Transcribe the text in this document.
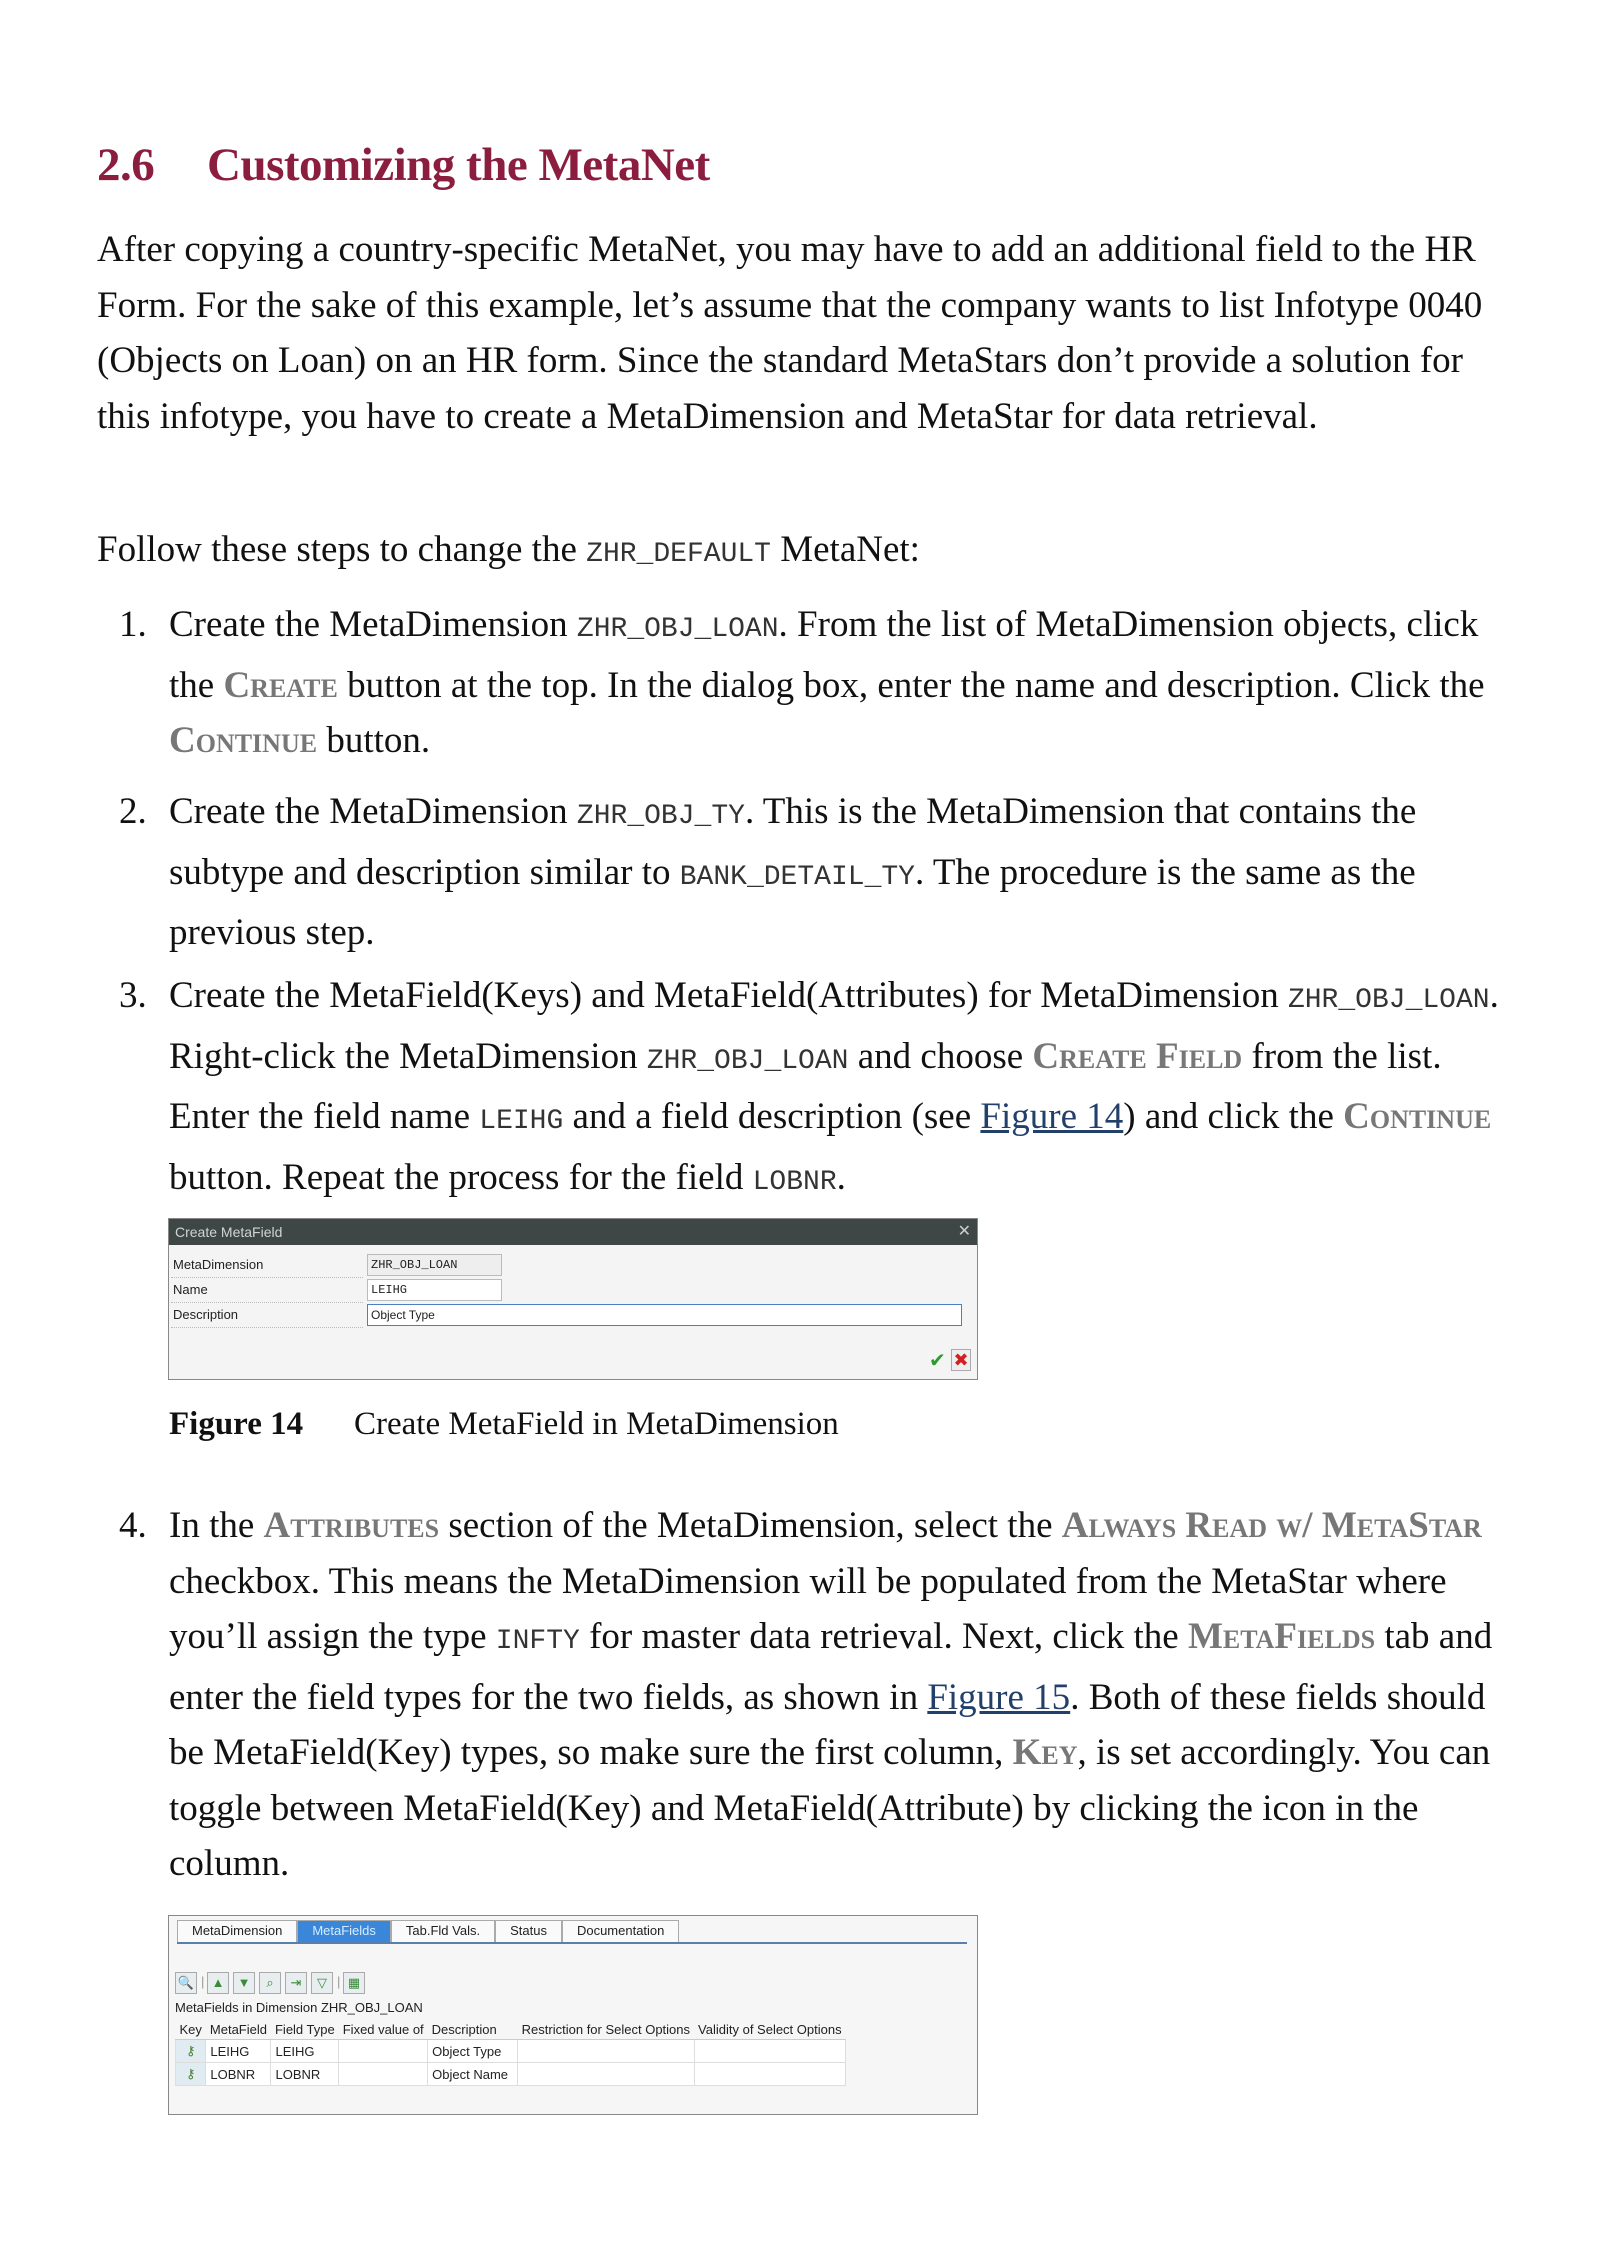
2.6 Customizing the MetaNet

After copying a country-specific MetaNet, you may have to add an additional field to the HR Form. For the sake of this example, let’s assume that the company wants to list Infotype 0040 (Objects on Loan) on an HR form. Since the standard MetaStars don’t provide a solution for this infotype, you have to create a MetaDimension and MetaStar for data retrieval.

Follow these steps to change the ZHR_DEFAULT MetaNet:

1. Create the MetaDimension ZHR_OBJ_LOAN. From the list of MetaDimension objects, click the Create button at the top. In the dialog box, enter the name and description. Click the Continue button.
2. Create the MetaDimension ZHR_OBJ_TY. This is the MetaDimension that contains the subtype and description similar to BANK_DETAIL_TY. The procedure is the same as the previous step.
3. Create the MetaField(Keys) and MetaField(Attributes) for MetaDimension ZHR_OBJ_LOAN. Right-click the MetaDimension ZHR_OBJ_LOAN and choose Create Field from the list. Enter the field name LEIHG and a field description (see Figure 14) and click the Continue button. Repeat the process for the field LOBNR.
4. In the Attributes section of the MetaDimension, select the Always Read w/ MetaStar checkbox. This means the MetaDimension will be populated from the MetaStar where you’ll assign the type INFTY for master data retrieval. Next, click the MetaFields tab and enter the field types for the two fields, as shown in Figure 15. Both of these fields should be MetaField(Key) types, so make sure the first column, Key, is set accordingly. You can toggle between MetaField(Key) and MetaField(Attribute) by clicking the icon in the column.
Figure 14 Create MetaField in MetaDimension
Create MetaField	✕
MetaDimension	ZHR_OBJ_LOAN
Name	LEIHG
Description	Object Type
✔ ✖
MetaDimension	MetaFields	Tab.Fld Vals.	Status	Documentation
🔍 | ▲	▼	⌕	⇥	▽ | ▦
MetaFields in Dimension ZHR_OBJ_LOAN
Key	MetaField	Field Type	Fixed value of	Description	Restriction for Select Options	Validity of Select Options
⚷	LEIHG	LEIHG		Object Type		
⚷	LOBNR	LOBNR		Object Name		
